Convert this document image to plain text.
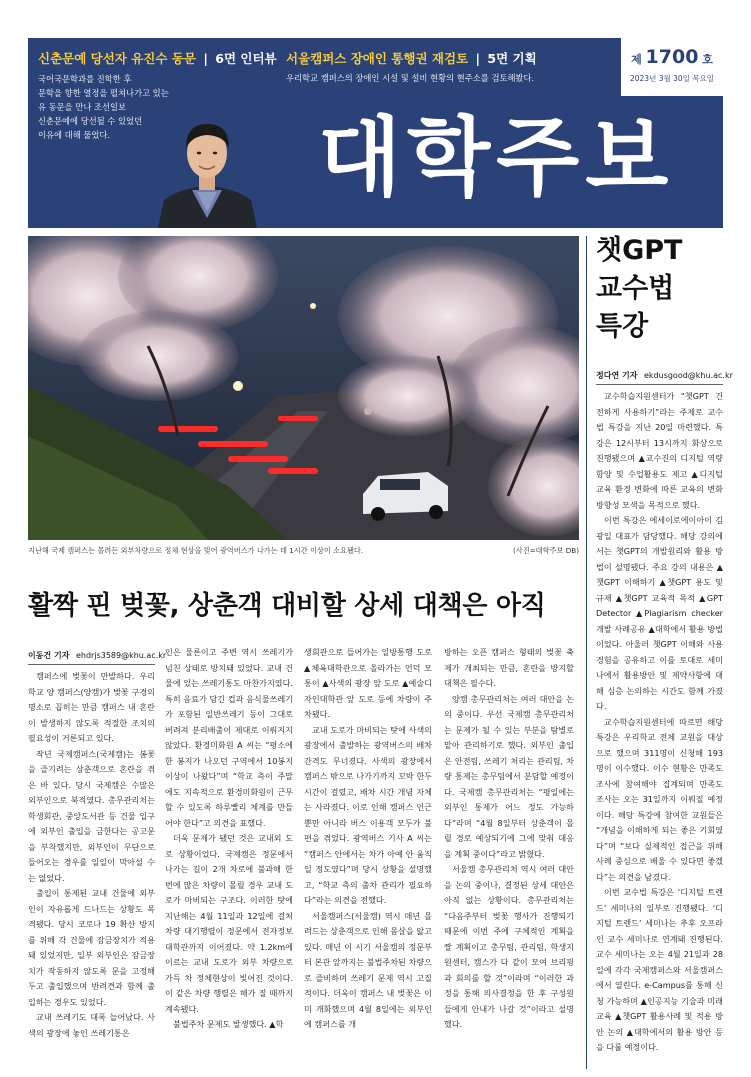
신춘문예 당선자 유진수 동문 | 6면 인터뷰
국어국문학과를 진학한 후
문학을 향한 열정을 펼쳐나가고 있는
유 동문을 만나 조선일보
신춘문예에 당선될 수 있었던
이유에 대해 물었다.
서울캠퍼스 장애인 통행권 재검토 | 5면 기획
우리학교 캠퍼스의 장애인 시설 및 설비 현황의 현주소를 검토해봤다.
제 1700 호
2023년 3월 30일 목요일
대학주보
지난해 국제 캠퍼스는 몰려든 외부차량으로 정체 현상을 빚어 광역버스가 나가는 데 1시간 이상이 소요됐다.	(사진=대학주보 DB)
활짝 핀 벚꽃, 상춘객 대비할 상세 대책은 아직
이동건 기자 ehdrjs3589@khu.ac.kr

캠퍼스에 벚꽃이 만발하다. 우리학교 양 캠퍼스(양캠)가 벚꽃 구경의 명소로 꼽히는 만큼 캠퍼스 내 혼란이 발생하지 않도록 적절한 조치의 필요성이 거론되고 있다.

작년 국제캠퍼스(국제캠)는 봄꽃을 즐기려는 상춘객으로 혼란을 겪은 바 있다. 당시 국제캠은 수많은 외부인으로 북적였다. 총무관리처는 학생회관, 중앙도서관 등 건물 입구에 외부인 출입을 금한다는 공고문을 부착했지만, 외부인이 무단으로 들어오는 경우를 일일이 막아설 수는 없었다.

출입이 통제된 교내 건물에 외부인이 자유롭게 드나드는 상황도 목격됐다. 당시 코로나 19 확산 방지를 위해 각 건물에 잠금장치가 적용돼 있었지만, 일부 외부인은 잠금장치가 작동하지 않도록 문을 고정해두고 출입했으며 반려견과 함께 출입하는 경우도 있었다.

교내 쓰레기도 대폭 늘어났다. 사색의 광장에 놓인 쓰레기통은

인은 물론이고 주변 역시 쓰레기가 넘친 상태로 방치돼 있었다. 교내 건물에 있는 쓰레기통도 마찬가지였다. 특히 음료가 담긴 컵과 음식물쓰레기가 포함된 일반쓰레기 등이 그대로 버려져 분리배출이 제대로 이뤄지지 않았다. 환경미화원 A 씨는 “평소에 한 봉지가 나오던 구역에서 10봉지 이상이 나왔다”며 “학교 측이 주말에도 지속적으로 환경미화원이 근무할 수 있도록 하루빨리 체계를 만들어야 한다”고 의견을 표했다.

더욱 문제가 됐던 것은 교내외 도로 상황이었다. 국제캠은 정문에서 나가는 길이 2개 차로에 불과해 한 번에 많은 차량이 몰릴 경우 교내 도로가 마비되는 구조다. 이러한 탓에 지난해는 4월 11일과 12일에 걸쳐 차량 대기행렬이 정문에서 전자정보대학관까지 이어졌다. 약 1.2km에 이르는 교내 도로가 외부 차량으로 가득 차 정체현상이 빚어진 것이다. 이 같은 차량 행렬은 해가 질 때까지 계속됐다.

불법주차 문제도 발생했다. ▲학

생회관으로 들어가는 일방통행 도로 ▲체육대학관으로 올라가는 언덕 모통이 ▲사색의 광장 앞 도로 ▲예술디자인대학관 앞 도로 등에 차량이 주차됐다.

교내 도로가 마비되는 탓에 사색의 광장에서 출발하는 광역버스의 배차간격도 무너졌다. 사색의 광장에서 캠퍼스 밖으로 나가기까지 꼬박 한두 시간이 걸렸고, 배차 시간 개념 자체는 사라졌다. 이로 인해 캠퍼스 인근뿐만 아니라 버스 이용객 모두가 불편을 겪었다. 광역버스 기사 A 씨는 “캠퍼스 안에서는 차가 아예 안 움직일 정도였다”며 당시 상황을 설명했고, “학교 측의 출차 관리가 필요하다”라는 의견을 전했다.

서울캠퍼스(서울캠) 역시 매년 몰려드는 상춘객으로 인해 몸살을 앓고 있다. 매년 이 시기 서울캠의 정문부터 본관 앞까지는 불법주차된 차량으로 즐비하며 쓰레기 문제 역시 고질적이다. 더욱이 캠퍼스 내 벚꽃은 이미 개화했으며 4월 8일에는 외부인에 캠퍼스를 개

방하는 오픈 캠퍼스 형태의 벚꽃 축제가 개최되는 만큼, 혼란을 방지할 대책은 필수다.

양캠 총무관리처는 여러 대안을 논의 중이다. 우선 국제캠 총무관리처는 문제가 될 수 있는 부분을 탐별로 맡아 관리하기로 했다. 외부인 출입은 안전팀, 쓰레기 처리는 관리팀, 차량 통제는 총무팀에서 분담할 예정이다. 국제캠 총무관리처는 “평일에는 외부인 통제가 어느 정도 가능하다”라며 “4월 8일부터 상춘객이 몰릴 경로 예상되기에 그에 맞춰 대응을 계획 중이다”라고 밝혔다.

서울캠 총무관리처 역시 여러 대안을 논의 중이나, 결정된 상세 대안은 아직 없는 상황이다. 총무관리처는 “다음주부터 벚꽃 행사가 진행되기 때문에 이번 주에 구체적인 계획을 짤 계획이고 총무팀, 관리팀, 학생지원센터, 캠스가 다 같이 모여 브리핑과 회의를 할 것”이라며 “이러한 과정을 통해 의사결정을 한 후 구성원들에게 안내가 나갈 것”이라고 설명했다.

챗GPT
교수법
특강
정다연 기자 ekdusgood@khu.ac.kr

교수학습지원센터가 “챗GPT 건전하게 사용하기”라는 주제로 교수법 특강을 지난 20일 마련했다. 특강은 12시부터 13시까지 화상으로 진행됐으며 ▲교수진의 디지털 역량 함양 및 수업활용도 제고 ▲디지털 교육 환경 변화에 따른 교육의 변화 방향성 모색을 목적으로 했다.

이번 특강은 에세이로에이아이 김광일 대표가 담당했다. 해당 강의에서는 챗GPT의 개발원리와 활용 방법이 설명됐다. 주요 강의 내용은 ▲챗GPT 이해하기 ▲챗GPT 용도 및 규제 ▲챗GPT 교육적 목적 ▲GPT Detector ▲Plagiarism checker 개발 사례공유 ▲대학에서 활용 방법이었다. 아울러 챗GPT 이해와 사용 경험을 공유하고 이를 토대로 세미나에서 활용방안 및 제약사항에 대해 심층 논의하는 시간도 함께 가졌다.

교수학습지원센터에 따르면 해당 특강은 우리학교 전체 교원을 대상으로 했으며 311명이 신청해 193명이 이수했다. 이수 현황은 만족도 조사에 참여해야 집계되며 만족도 조사는 오는 31일까지 이뤄질 예정이다. 해당 특강에 참여한 교원들은 “개념을 이해하게 되는 좋은 기회였다”며 “보다 실제적인 접근을 위해 사례 중심으로 배울 수 있다면 좋겠다”는 의견을 남겼다.

이번 교수법 특강은 ‘디지털 트렌드’ 세미나의 일부로 진행됐다. ‘디지털 트렌드’ 세미나는 추후 오프라인 교수 세미나로 연계돼 진행된다. 교수 세미나는 오는 4월 21일과 28일에 각각 국제캠퍼스와 서울캠퍼스에서 열린다. e-Campus를 통해 신청 가능하며 ▲인공지능 기술과 미래 교육 ▲챗GPT 활용사례 및 적용 방안 논의 ▲대학에서의 활용 방안 등을 다룰 예정이다.
